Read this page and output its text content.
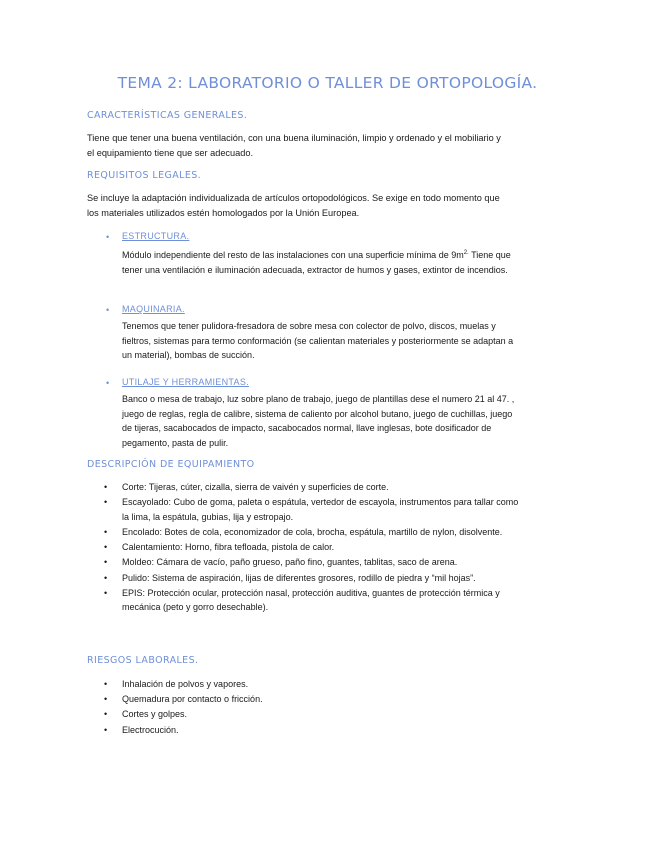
TEMA 2: LABORATORIO O TALLER DE ORTOPOLOGÍA.
CARACTERÍSTICAS GENERALES.
Tiene que tener una buena ventilación, con una buena iluminación, limpio y ordenado y el mobiliario y el equipamiento tiene que ser adecuado.
REQUISITOS LEGALES.
Se incluye la adaptación individualizada de artículos ortopodológicos. Se exige en todo momento que los materiales utilizados estén homologados por la Unión Europea.
• ESTRUCTURA.
Módulo independiente del resto de las instalaciones con una superficie mínima de $9m^{2.}$ Tiene que tener una ventilación e iluminación adecuada, extractor de humos y gases, extintor de incendios.
• MAQUINARIA.
Tenemos que tener pulidora-fresadora de sobre mesa con colector de polvo, discos, muelas y fieltros, sistemas para termo conformación (se calientan materiales y posteriormente se adaptan a un material), bombas de succión.
• UTILAJE Y HERRAMIENTAS.
Banco o mesa de trabajo, luz sobre plano de trabajo, juego de plantillas dese el numero 21 al 47. , juego de reglas, regla de calibre, sistema de caliento por alcohol butano, juego de cuchillas, juego de tijeras, sacabocados de impacto, sacabocados normal, llave inglesas, bote dosificador de pegamento, pasta de pulir.
DESCRIPCIÓN DE EQUIPAMIENTO
• Corte: Tijeras, cúter, cizalla, sierra de vaivén y superficies de corte.
• Escayolado: Cubo de goma, paleta o espátula, vertedor de escayola, instrumentos para tallar como la lima, la espátula, gubias, lija y estropajo.
• Encolado: Botes de cola, economizador de cola, brocha, espátula, martillo de nylon, disolvente.
• Calentamiento: Horno, fibra tefloada, pistola de calor.
• Moldeo: Cámara de vacío, paño grueso, paño fino, guantes, tablitas, saco de arena.
• Pulido: Sistema de aspiración, lijas de diferentes grosores, rodillo de piedra y “mil hojas”.
• EPIS: Protección ocular, protección nasal, protección auditiva, guantes de protección térmica y mecánica (peto y gorro desechable).
RIESGOS LABORALES.
• Inhalación de polvos y vapores.
• Quemadura por contacto o fricción.
• Cortes y golpes.
• Electrocución.
